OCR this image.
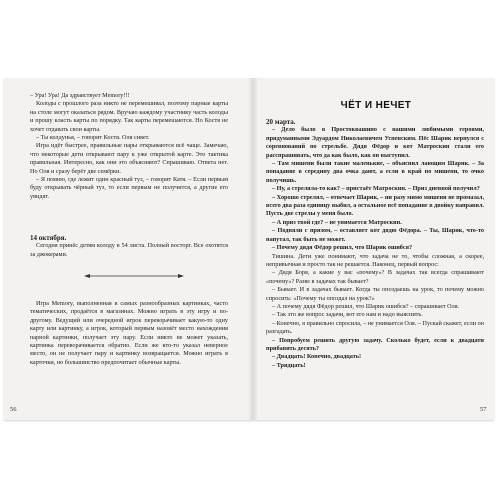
– Ура! Ура! Да здравствует Memory!!!

Колоды с прошлого раза никто не перемешивал, поэтому парные карты на столе могут оказаться рядом. Вручаю каждому участнику часть колоды и прошу класть карты по порядку. Так карты перемешаются. Но Костя не хочет отдавать свои карты.

– Ты колдунья, – говорит Костя. Оля сияет.

Игра идёт быстрее, правильные пары открываются всё чаще. Замечаю, что некоторые дети открывают пару к уже открытой карте. Это тактика правильная. Интересно, как они это объясняют? Спрашиваю. Ответа нет. Но Оля и сразу берёт две семёрки.

– Я помню, где лежит один красный туз, – говорит Катя. – Если первым буду открывать чёрный туз, то если первым не получится, а другие его увидят.

14 октября.

Сегодня принёс детям колоду в 54 листа. Полный восторг. Все охотятся за джокерами.

Игра Memory, выполненная в самых разнообразных картинках, часто тематических, продаётся в магазинах. Можно играть в эту игру и по-другому. Ведущий или очередной игрок переворачивает какую-то одну карту или картинку, а игрок, который первым назовёт место нахождения парной картинки, получает эту пару. Если никто не может указать, картинка переворачивается обратно. Если же кто-то указал неверное место, он не получает пару и картинку возвращается. Можно играть в карточки, но большинство предпочитает обычные карты.

56
ЧЁТ И НЕЧЕТ

20 марта.

– Дело было в Простоквашино с нашими любимыми героями, придуманными Эдуардом Николаевичем Успенским. Пёс Шарик вернулся с соревнований по стрельбе. Дядя Фёдор и кот Матроскин стали его расспрашивать, что да как было, как он выступил.

– Там мишени были такие маленькие, – объяснил лающим Шарик. – За попадание в середину два очка дают, а если в край по мишени, то очко получишь.

– Ну, а стреляла-то как? – пристаёт Матроскин. – Приз дневной получил?

– Хорошо стрелял, – отвечает Шарик, – ни разу мимо мишени не промазал, всего два раза единицу выбил, а остальное всё попадание в двойку направил. Пусть две стрелы у меня было.

– А приз твой где? – не унимается Матроскин.

– Подняли с призом, – оставляет кот дядю Фёдора. – Ты, Шарик, что-то напутал, так быть не может.

– Почему дядя Фёдор решил, что Шарик ошибся?

Тишина. Дети уже понимают, что задача не то, чтобы сложная, а скорее, непривычная и просто так не решается. Наконец, первый вопрос:

– Дядя Боря, а какие у вас «почему»? В задачах так всегда спрашивают «почему»? Разве в задачах так бывает?

– Бывает. И в задачах бывает. Когда ты опоздаешь на урок, то почему можно спросить: «Почему ты опоздал на урок?»

– А почему дядя Фёдор решил, что Шарик ошибся? – спрашивает Оля.

– Так это же вопрос задачи, вот его нам и надо выяснить.

– Конечно, я правильно спросила, – не унимается Оля. – Пускай скажет, если он разгадать.

– Попробуем решить другую задачу. Сколько будет, если к двадцати прибавить десять?

– Двадцать! Конечно, двадцать!

– Тридцать!

57
